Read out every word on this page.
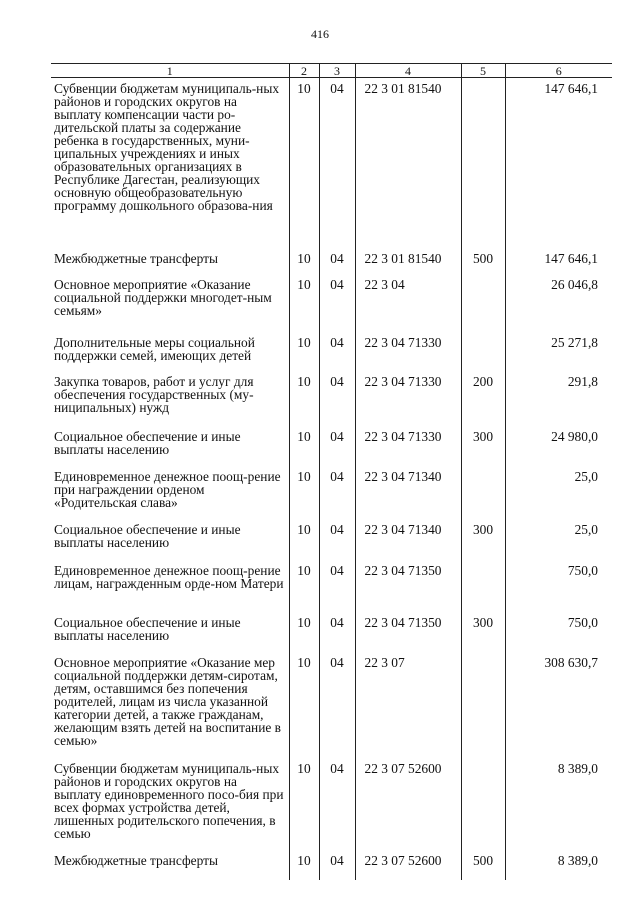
416
1	2	3	4	5	6
Субвенции бюджетам муниципаль-ных районов и городских округов на выплату компенсации части ро-дительской платы за содержание ребенка в государственных, муни-ципальных учреждениях и иных образовательных организациях в Республике Дагестан, реализующих основную общеобразовательную программу дошкольного образова-ния	10	04	22 3 01 81540		147 646,1
Межбюджетные трансферты	10	04	22 3 01 81540	500	147 646,1
Основное мероприятие «Оказание социальной поддержки многодет-ным семьям»	10	04	22 3 04		26 046,8
Дополнительные меры социальной поддержки семей, имеющих детей	10	04	22 3 04 71330		25 271,8
Закупка товаров, работ и услуг для обеспечения государственных (му-ниципальных) нужд	10	04	22 3 04 71330	200	291,8
Социальное обеспечение и иные выплаты населению	10	04	22 3 04 71330	300	24 980,0
Единовременное денежное поощ-рение при награждении орденом «Родительская слава»	10	04	22 3 04 71340		25,0
Социальное обеспечение и иные выплаты населению	10	04	22 3 04 71340	300	25,0
Единовременное денежное поощ-рение лицам, награжденным орде-ном Матери	10	04	22 3 04 71350		750,0
Социальное обеспечение и иные выплаты населению	10	04	22 3 04 71350	300	750,0
Основное мероприятие «Оказание мер социальной поддержки детям-сиротам, детям, оставшимся без попечения родителей, лицам из числа указанной категории детей, а также гражданам, желающим взять детей на воспитание в семью»	10	04	22 3 07		308 630,7
Субвенции бюджетам муниципаль-ных районов и городских округов на выплату единовременного посо-бия при всех формах устройства детей, лишенных родительского попечения, в семью	10	04	22 3 07 52600		8 389,0
Межбюджетные трансферты	10	04	22 3 07 52600	500	8 389,0
